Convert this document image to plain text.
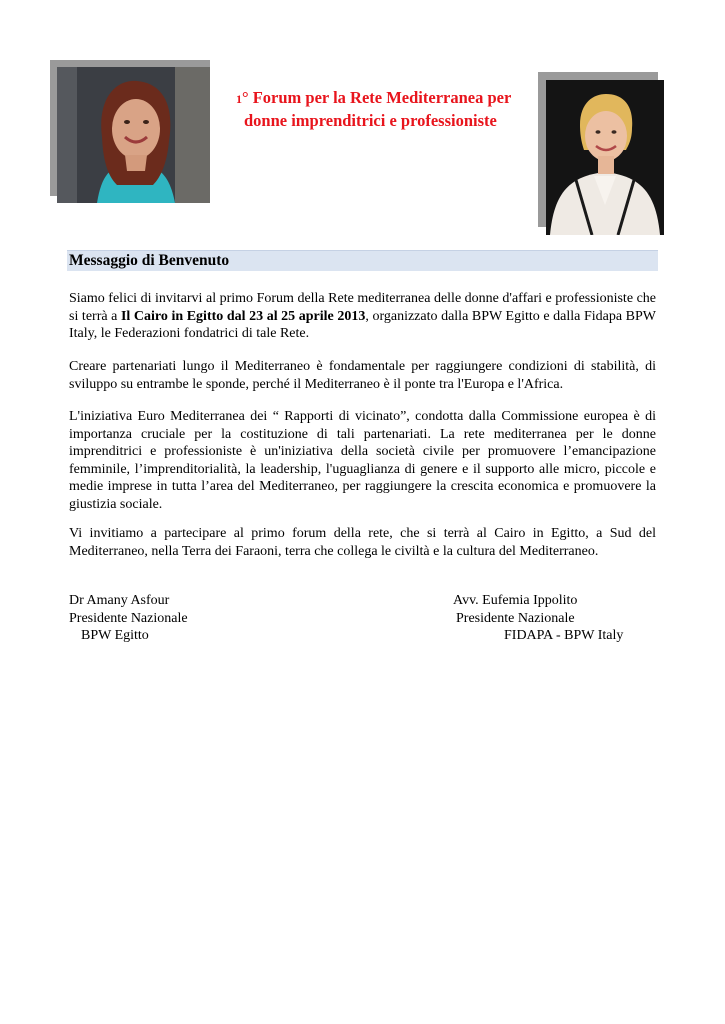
1° Forum per la Rete Mediterranea per
donne imprenditrici e professioniste
Messaggio di Benvenuto

Siamo felici di invitarvi al primo Forum della Rete mediterranea delle donne d'affari e professioniste che si terrà a Il Cairo in Egitto dal 23 al 25 aprile 2013, organizzato dalla BPW Egitto e dalla Fidapa BPW Italy, le Federazioni fondatrici di tale Rete.

Creare partenariati lungo il Mediterraneo è fondamentale per raggiungere condizioni di stabilità, di sviluppo su entrambe le sponde, perché il Mediterraneo è il ponte tra l'Europa e l'Africa.

L'iniziativa Euro Mediterranea dei “ Rapporti di vicinato”, condotta dalla Commissione europea è di importanza cruciale per la costituzione di tali partenariati. La rete mediterranea per le donne imprenditrici e professioniste è un'iniziativa della società civile per promuovere l’emancipazione femminile, l’imprenditorialità, la leadership, l'uguaglianza di genere e il supporto alle micro, piccole e medie imprese in tutta l’area del Mediterraneo, per raggiungere la crescita economica e promuovere la giustizia sociale.

Vi invitiamo a partecipare al primo forum della rete, che si terrà al Cairo in Egitto, a Sud del Mediterraneo, nella Terra dei Faraoni, terra che collega le civiltà e la cultura del Mediterraneo.

Dr Amany Asfour
Presidente Nazionale
BPW Egitto
Avv. Eufemia Ippolito
Presidente Nazionale
FIDAPA - BPW Italy
